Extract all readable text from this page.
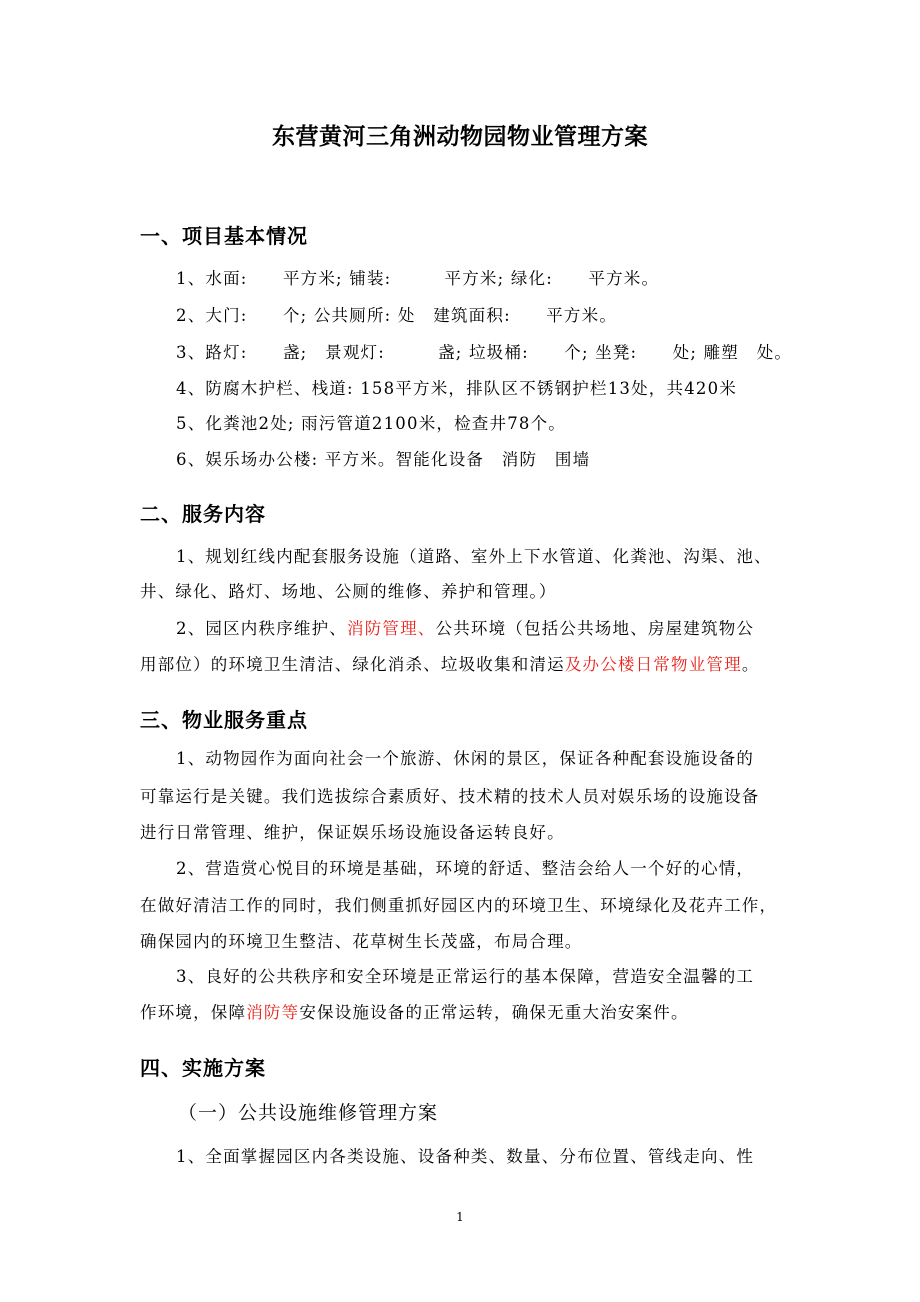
东营黄河三角洲动物园物业管理方案
一、项目基本情况
1、水面:　　平方米; 铺装:　　　平方米; 绿化:　　平方米。
2、大门:　　个; 公共厕所: 处　建筑面积:　　平方米。
3、路灯:　　盏;　景观灯:　　　盏; 垃圾桶:　　个; 坐凳:　　处; 雕塑　处。
4、防腐木护栏、栈道: 158平方米，排队区不锈钢护栏13处，共420米
5、化粪池2处; 雨污管道2100米，检查井78个。
6、娱乐场办公楼: 平方米。智能化设备　消防　围墙
二、服务内容
1、规划红线内配套服务设施（道路、室外上下水管道、化粪池、沟渠、池、
井、绿化、路灯、场地、公厕的维修、养护和管理。）
2、园区内秩序维护、消防管理、公共环境（包括公共场地、房屋建筑物公
用部位）的环境卫生清洁、绿化消杀、垃圾收集和清运及办公楼日常物业管理。
三、物业服务重点
1、动物园作为面向社会一个旅游、休闲的景区，保证各种配套设施设备的
可靠运行是关键。我们选拔综合素质好、技术精的技术人员对娱乐场的设施设备
进行日常管理、维护，保证娱乐场设施设备运转良好。
2、营造赏心悦目的环境是基础，环境的舒适、整洁会给人一个好的心情，
在做好清洁工作的同时，我们侧重抓好园区内的环境卫生、环境绿化及花卉工作，
确保园内的环境卫生整洁、花草树生长茂盛，布局合理。
3、良好的公共秩序和安全环境是正常运行的基本保障，营造安全温馨的工
作环境，保障消防等安保设施设备的正常运转，确保无重大治安案件。
四、实施方案
（一）公共设施维修管理方案
1、全面掌握园区内各类设施、设备种类、数量、分布位置、管线走向、性
1
